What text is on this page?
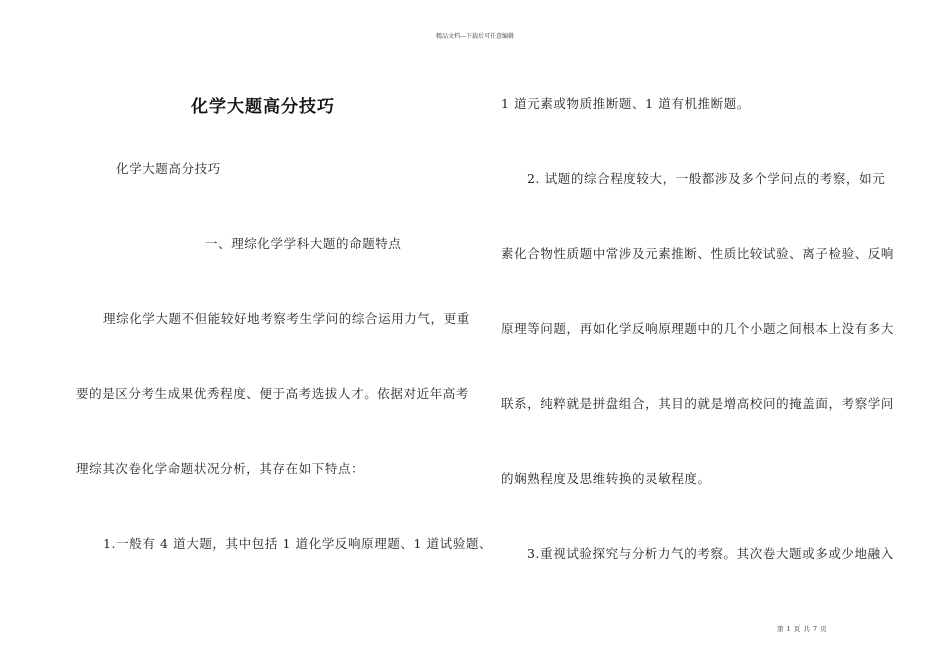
精品文档---下载后可任意编辑
化学大题高分技巧
化学大题高分技巧
一、理综化学学科大题的命题特点
理综化学大题不但能较好地考察考生学问的综合运用力气，更重
要的是区分考生成果优秀程度、便于高考选拔人才。依据对近年高考
理综其次卷化学命题状况分析，其存在如下特点：
1.一般有 4 道大题，其中包括 1 道化学反响原理题、1 道试验题、
1 道元素或物质推断题、1 道有机推断题。
2. 试题的综合程度较大，一般都涉及多个学问点的考察，如元
素化合物性质题中常涉及元素推断、性质比较试验、离子检验、反响
原理等问题，再如化学反响原理题中的几个小题之间根本上没有多大
联系，纯粹就是拼盘组合，其目的就是增高校问的掩盖面，考察学问
的娴熟程度及思维转换的灵敏程度。
3.重视试验探究与分析力气的考察。其次卷大题或多或少地融入
第 1 页 共 7 页
